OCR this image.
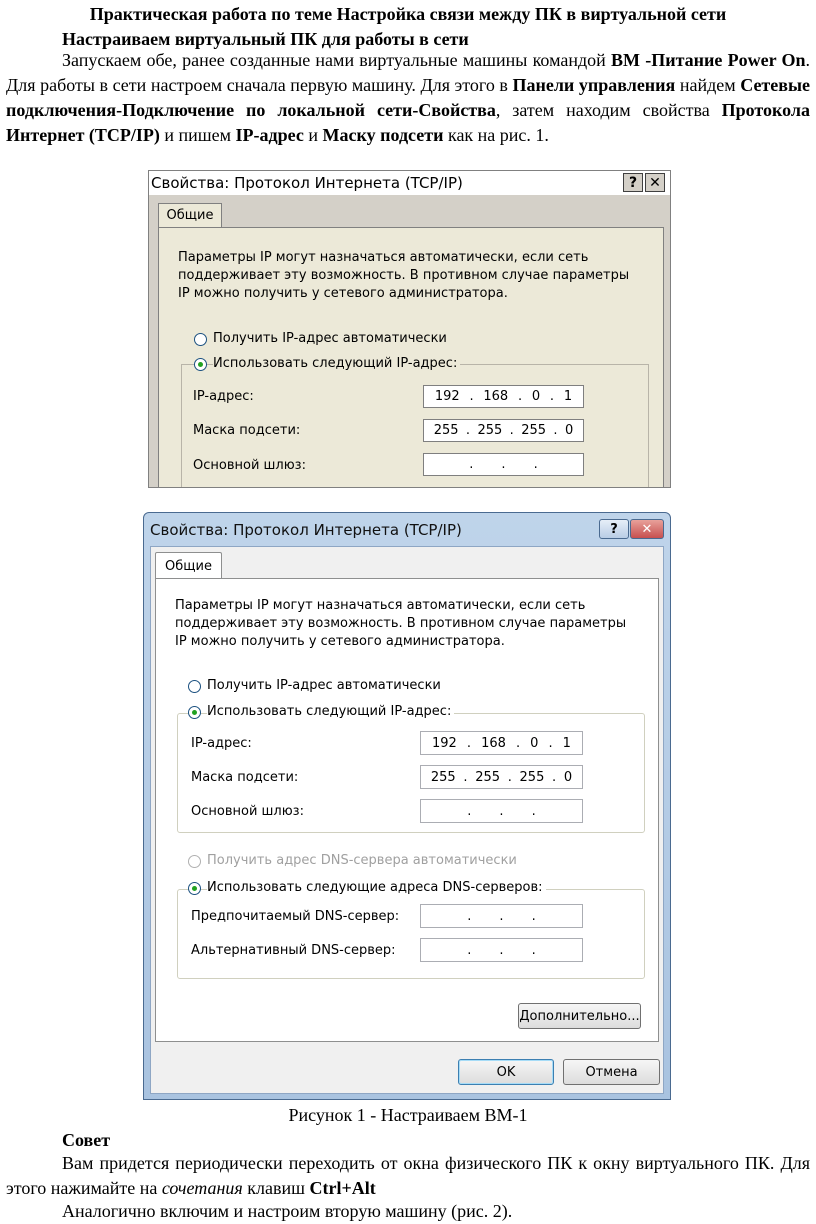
Практическая работа по теме Настройка связи между ПК в виртуальной сети
Настраиваем виртуальный ПК для работы в сети
Запускаем обе, ранее созданные нами виртуальные машины командой ВМ -Питание Power On. Для работы в сети настроем сначала первую машину. Для этого в Панели управления найдем Сетевые подключения-Подключение по локальной сети-Свойства, затем находим свойства Протокола Интернет (TCP/IP) и пишем IP-адрес и Маску подсети как на рис. 1.
Свойства: Протокол Интернета (TCP/IP)	? ✕
Общие
Параметры IP могут назначаться автоматически, если сеть
поддерживает эту возможность. В противном случае параметры
IP можно получить у сетевого администратора.
Получить IP-адрес автоматически
Использовать следующий IP-адрес:
IP-адрес:	192 . 168 . 0 . 1
Маска подсети:	255 . 255 . 255 . 0
Основной шлюз:	. . .
Свойства: Протокол Интернета (TCP/IP)	?	✕
Общие
Параметры IP могут назначаться автоматически, если сеть
поддерживает эту возможность. В противном случае параметры
IP можно получить у сетевого администратора.
Получить IP-адрес автоматически
Использовать следующий IP-адрес:
IP-адрес:	192 . 168 . 0 . 1
Маска подсети:	255 . 255 . 255 . 0
Основной шлюз:	. . .
Получить адрес DNS-сервера автоматически
Использовать следующие адреса DNS-серверов:
Предпочитаемый DNS-сервер:	. . .
Альтернативный DNS-сервер:	. . .
Дополнительно...
OK	Отмена
Рисунок 1 - Настраиваем ВМ-1
Совет
Вам придется периодически переходить от окна физического ПК к окну виртуального ПК. Для этого нажимайте на сочетания клавиш Ctrl+Alt
Аналогично включим и настроим вторую машину (рис. 2).
